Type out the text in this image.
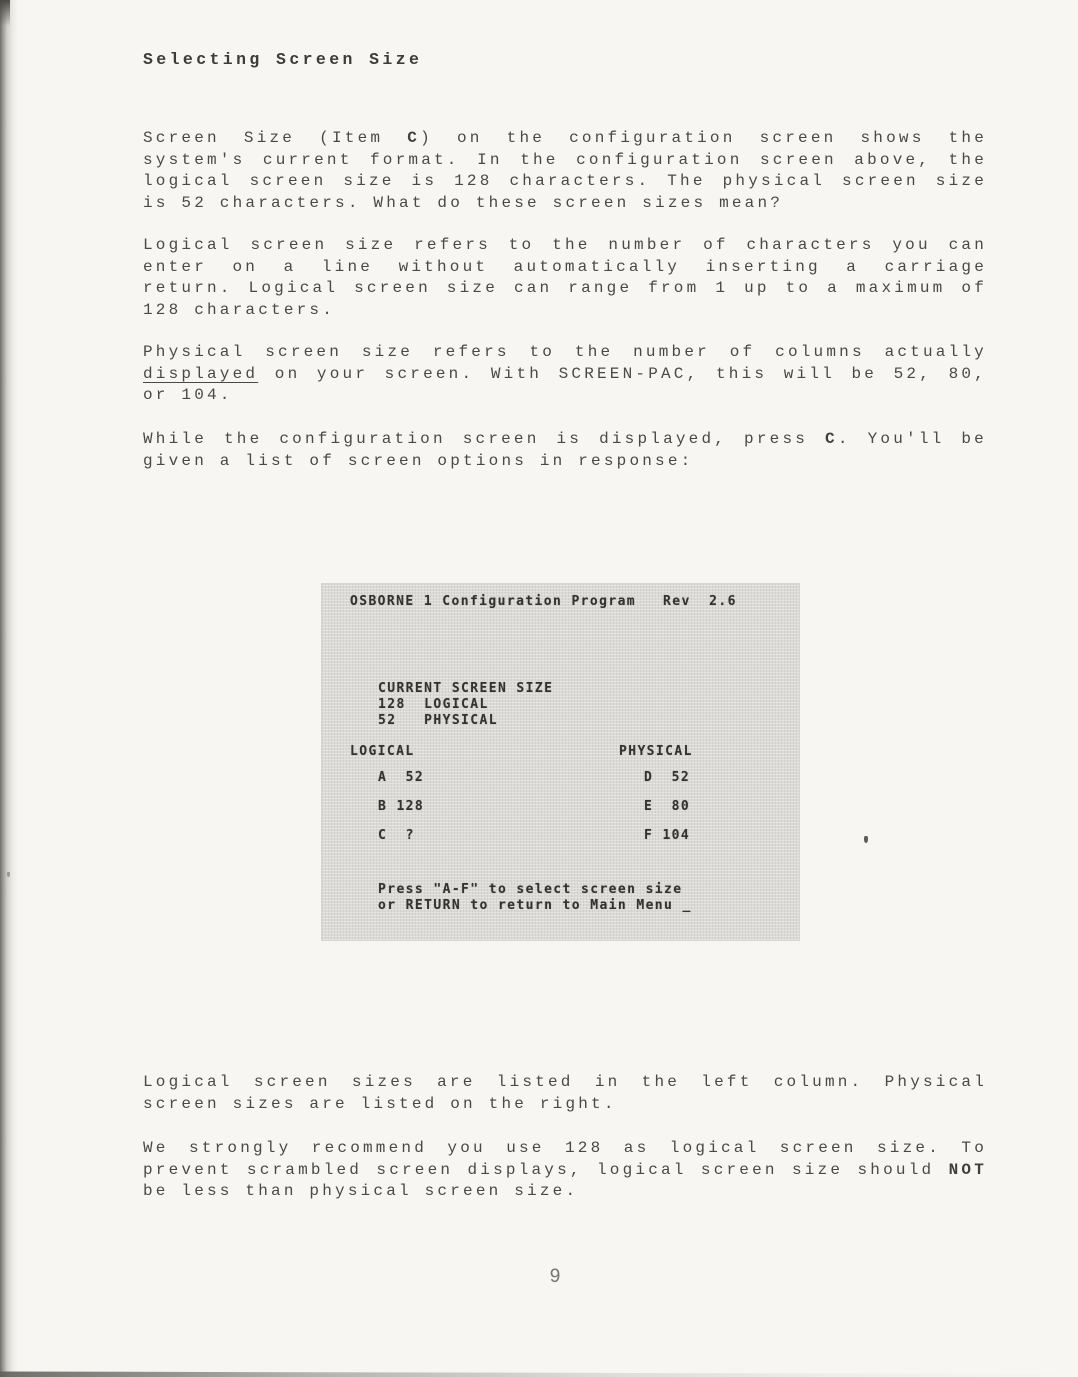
Selecting Screen Size

Screen Size (Item C) on the configuration screen shows the system's current format. In the configuration screen above, the logical screen size is 128 characters. The physical screen size is 52 characters. What do these screen sizes mean?

Logical screen size refers to the number of characters you can enter on a line without automatically inserting a carriage return. Logical screen size can range from 1 up to a maximum of 128 characters.

Physical screen size refers to the number of columns actually displayed on your screen. With SCREEN-PAC, this will be 52, 80, or 104.

While the configuration screen is displayed, press C. You'll be given a list of screen options in response:

OSBORNE 1 Configuration Program Rev  2.6
CURRENT SCREEN SIZE
128  LOGICAL
52   PHYSICAL
LOGICAL	PHYSICAL
A  52
B 128
C  ?
D  52
E  80
F 104
Press "A-F" to select screen size
or RETURN to return to Main Menu _

Logical screen sizes are listed in the left column. Physical screen sizes are listed on the right.

We strongly recommend you use 128 as logical screen size. To prevent scrambled screen displays, logical screen size should NOT be less than physical screen size.

9
